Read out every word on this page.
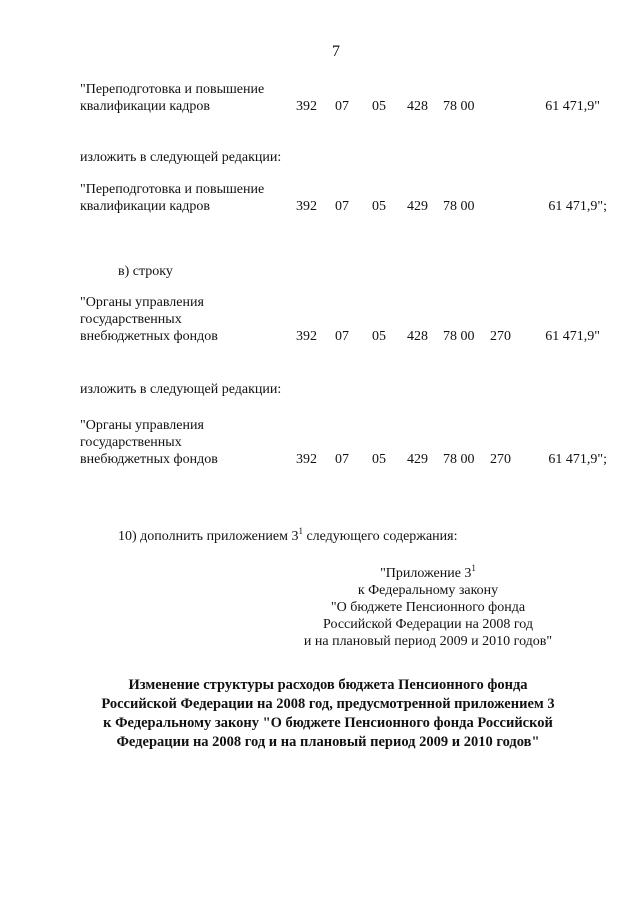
7
"Переподготовка и повышение
квалификации кадров	392 07 05 428 78 00	61 471,9"
изложить в следующей редакции:
"Переподготовка и повышение
квалификации кадров	392 07 05 429 78 00	61 471,9";
в) строку
"Органы управления
государственных
внебюджетных фондов	392 07 05 428 78 00 270	61 471,9"
изложить в следующей редакции:
"Органы управления
государственных
внебюджетных фондов	392 07 05 429 78 00 270	61 471,9";
10) дополнить приложением $3^1$ следующего содержания:
"Приложение $3^1$
к Федеральному закону
"О бюджете Пенсионного фонда
Российской Федерации на 2008 год
и на плановый период 2009 и 2010 годов"
Изменение структуры расходов бюджета Пенсионного фонда
Российской Федерации на 2008 год, предусмотренной приложением 3
к Федеральному закону "О бюджете Пенсионного фонда Российской
Федерации на 2008 год и на плановый период 2009 и 2010 годов"
